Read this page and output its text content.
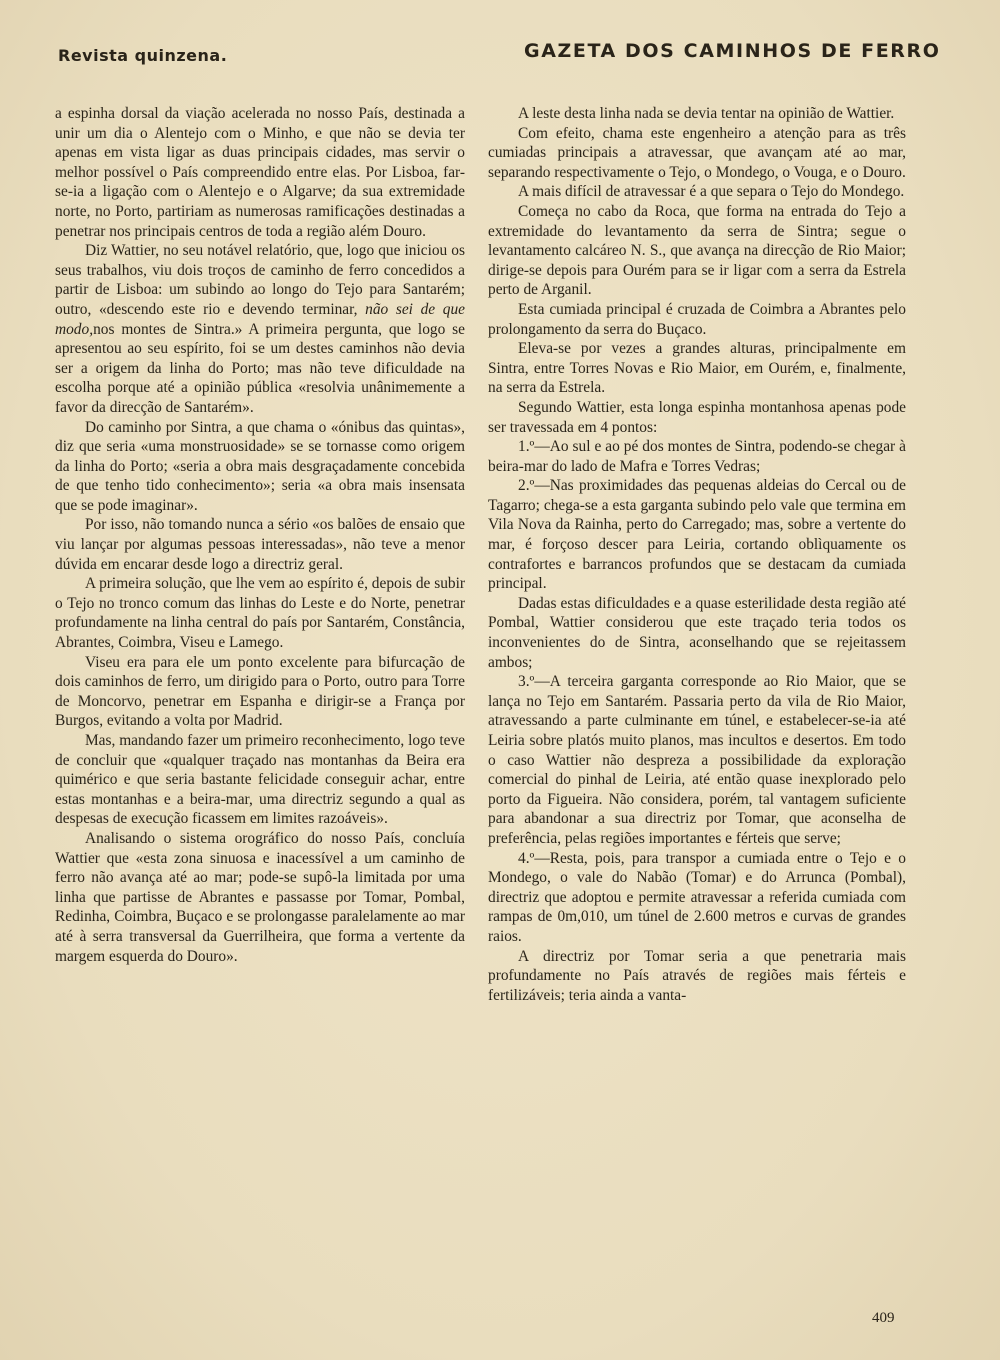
Revista quinzena.	GAZETA DOS CAMINHOS DE FERRO

a espinha dorsal da viação acelerada no nosso País, destinada a unir um dia o Alentejo com o Minho, e que não se devia ter apenas em vista ligar as duas principais cidades, mas servir o melhor possível o País compreendido entre elas. Por Lisboa, far-se-ia a ligação com o Alentejo e o Algarve; da sua extremidade norte, no Porto, partiriam as numerosas ramificações destinadas a penetrar nos principais centros de toda a região além Douro.

Diz Wattier, no seu notável relatório, que, logo que iniciou os seus trabalhos, viu dois troços de caminho de ferro concedidos a partir de Lisboa: um subindo ao longo do Tejo para Santarém; outro, «descendo este rio e devendo terminar, não sei de que modo,nos montes de Sintra.» A primeira pergunta, que logo se apresentou ao seu espírito, foi se um destes caminhos não devia ser a origem da linha do Porto; mas não teve dificuldade na escolha porque até a opinião pública «resolvia unânimemente a favor da direcção de Santarém».

Do caminho por Sintra, a que chama o «ónibus das quintas», diz que seria «uma monstruosidade» se se tornasse como origem da linha do Porto; «seria a obra mais desgraçadamente concebida de que tenho tido conhecimento»; seria «a obra mais insensata que se pode imaginar».

Por isso, não tomando nunca a sério «os balões de ensaio que viu lançar por algumas pessoas interessadas», não teve a menor dúvida em encarar desde logo a directriz geral.

A primeira solução, que lhe vem ao espírito é, depois de subir o Tejo no tronco comum das linhas do Leste e do Norte, penetrar profundamente na linha central do país por Santarém, Constância, Abrantes, Coimbra, Viseu e Lamego.

Viseu era para ele um ponto excelente para bifurcação de dois caminhos de ferro, um dirigido para o Porto, outro para Torre de Moncorvo, penetrar em Espanha e dirigir-se a França por Burgos, evitando a volta por Madrid.

Mas, mandando fazer um primeiro reconhecimento, logo teve de concluir que «qualquer traçado nas montanhas da Beira era quimérico e que seria bastante felicidade conseguir achar, entre estas montanhas e a beira-mar, uma directriz segundo a qual as despesas de execução ficassem em limites razoáveis».

Analisando o sistema orográfico do nosso País, concluía Wattier que «esta zona sinuosa e inacessível a um caminho de ferro não avança até ao mar; pode-se supô-la limitada por uma linha que partisse de Abrantes e passasse por Tomar, Pombal, Redinha, Coimbra, Buçaco e se prolongasse paralelamente ao mar até à serra transversal da Guerrilheira, que forma a vertente da margem esquerda do Douro».

A leste desta linha nada se devia tentar na opinião de Wattier.

Com efeito, chama este engenheiro a atenção para as três cumiadas principais a atravessar, que avançam até ao mar, separando respectivamente o Tejo, o Mondego, o Vouga, e o Douro.

A mais difícil de atravessar é a que separa o Tejo do Mondego.

Começa no cabo da Roca, que forma na entrada do Tejo a extremidade do levantamento da serra de Sintra; segue o levantamento calcáreo N. S., que avança na direcção de Rio Maior; dirige-se depois para Ourém para se ir ligar com a serra da Estrela perto de Arganil.

Esta cumiada principal é cruzada de Coimbra a Abrantes pelo prolongamento da serra do Buçaco.

Eleva-se por vezes a grandes alturas, principalmente em Sintra, entre Torres Novas e Rio Maior, em Ourém, e, finalmente, na serra da Estrela.

Segundo Wattier, esta longa espinha montanhosa apenas pode ser travessada em 4 pontos:

1.º—Ao sul e ao pé dos montes de Sintra, podendo-se chegar à beira-mar do lado de Mafra e Torres Vedras;

2.º—Nas proximidades das pequenas aldeias do Cercal ou de Tagarro; chega-se a esta garganta subindo pelo vale que termina em Vila Nova da Rainha, perto do Carregado; mas, sobre a vertente do mar, é forçoso descer para Leiria, cortando oblìquamente os contrafortes e barrancos profundos que se destacam da cumiada principal.

Dadas estas dificuldades e a quase esterilidade desta região até Pombal, Wattier considerou que este traçado teria todos os inconvenientes do de Sintra, aconselhando que se rejeitassem ambos;

3.º—A terceira garganta corresponde ao Rio Maior, que se lança no Tejo em Santarém. Passaria perto da vila de Rio Maior, atravessando a parte culminante em túnel, e estabelecer-se-ia até Leiria sobre platós muito planos, mas incultos e desertos. Em todo o caso Wattier não despreza a possibilidade da exploração comercial do pinhal de Leiria, até então quase inexplorado pelo porto da Figueira. Não considera, porém, tal vantagem suficiente para abandonar a sua directriz por Tomar, que aconselha de preferência, pelas regiões importantes e férteis que serve;

4.º—Resta, pois, para transpor a cumiada entre o Tejo e o Mondego, o vale do Nabão (Tomar) e do Arrunca (Pombal), directriz que adoptou e permite atravessar a referida cumiada com rampas de 0m,010, um túnel de 2.600 metros e curvas de grandes raios.

A directriz por Tomar seria a que penetraria mais profundamente no País através de regiões mais férteis e fertilizáveis; teria ainda a vanta-

409
